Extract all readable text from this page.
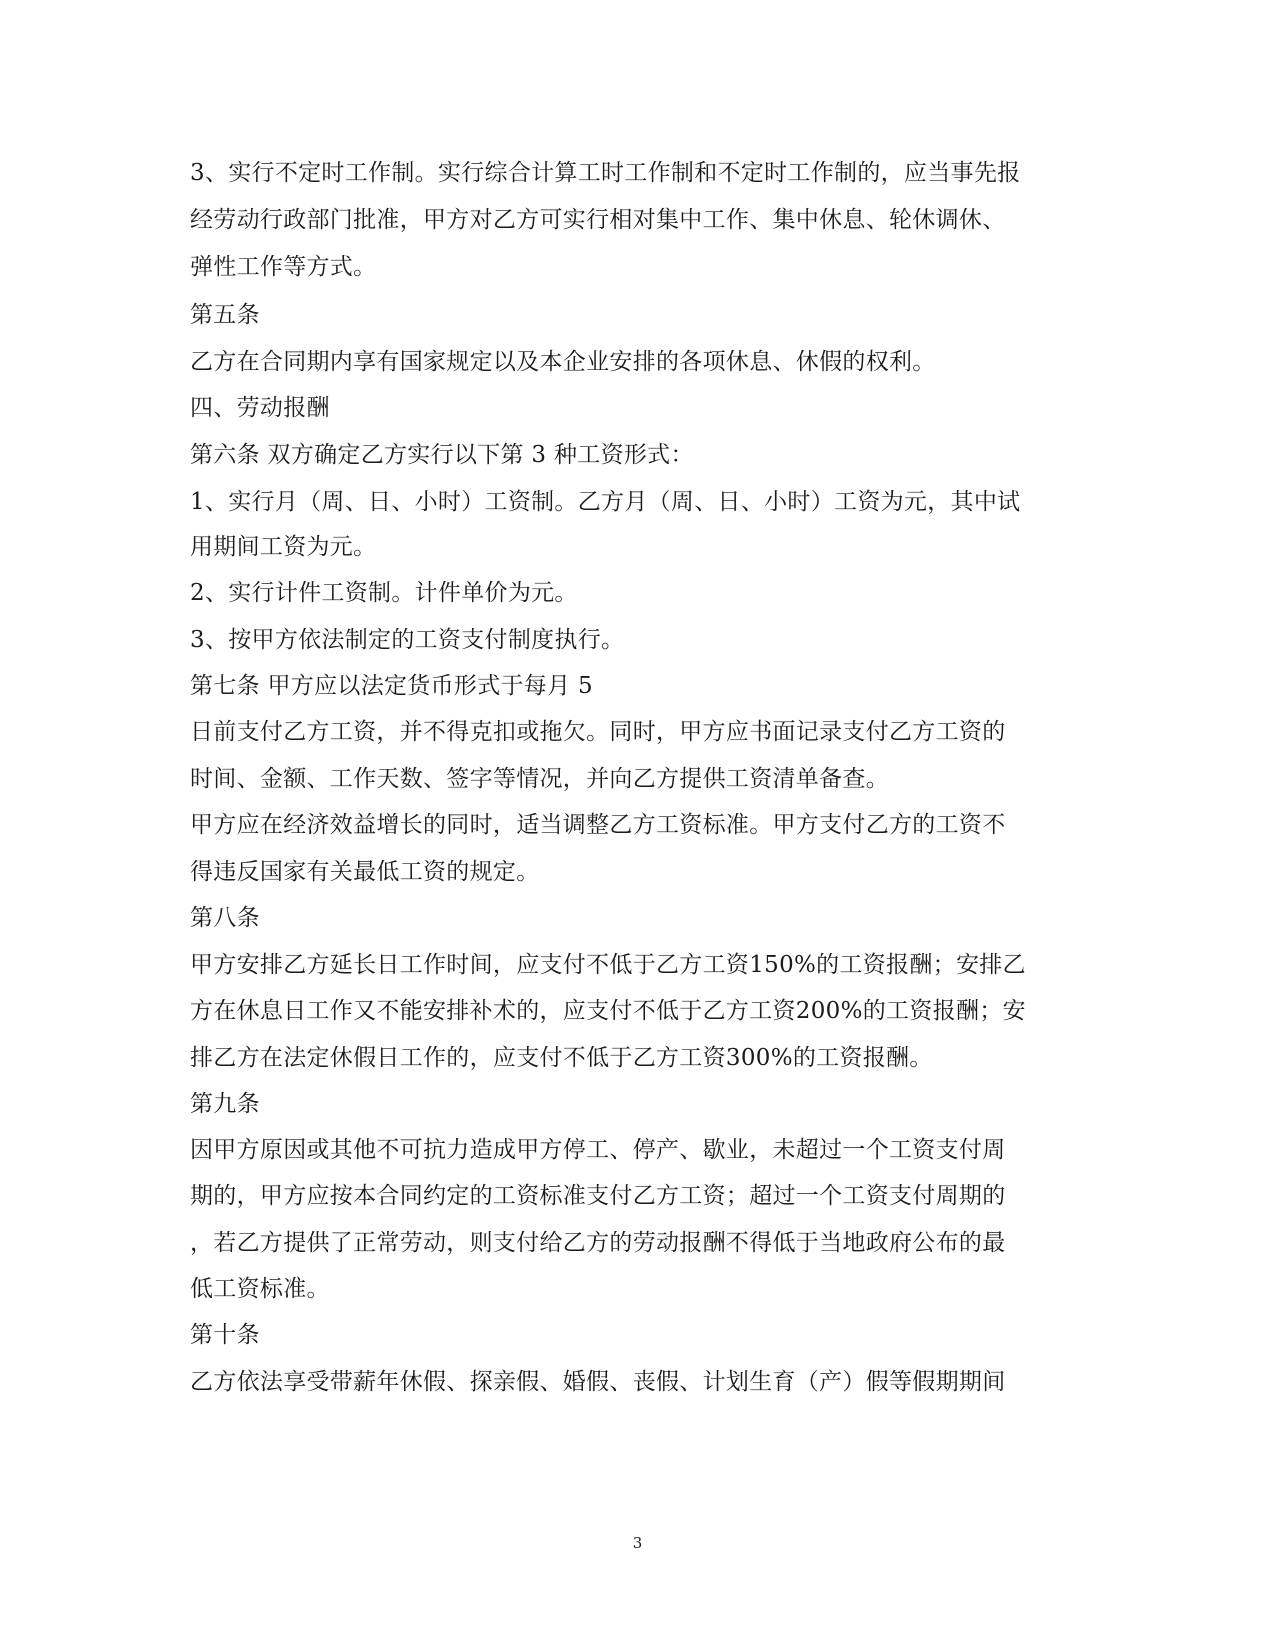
3、实行不定时工作制。实行综合计算工时工作制和不定时工作制的，应当事先报
经劳动行政部门批准，甲方对乙方可实行相对集中工作、集中休息、轮休调休、
弹性工作等方式。
第五条
乙方在合同期内享有国家规定以及本企业安排的各项休息、休假的权利。
四、劳动报酬
第六条 双方确定乙方实行以下第 3 种工资形式：
1、实行月（周、日、小时）工资制。乙方月（周、日、小时）工资为元，其中试
用期间工资为元。
2、实行计件工资制。计件单价为元。
3、按甲方依法制定的工资支付制度执行。
第七条 甲方应以法定货币形式于每月 5
日前支付乙方工资，并不得克扣或拖欠。同时，甲方应书面记录支付乙方工资的
时间、金额、工作天数、签字等情况，并向乙方提供工资清单备查。
甲方应在经济效益增长的同时，适当调整乙方工资标准。甲方支付乙方的工资不
得违反国家有关最低工资的规定。
第八条
甲方安排乙方延长日工作时间，应支付不低于乙方工资150%的工资报酬；安排乙
方在休息日工作又不能安排补术的，应支付不低于乙方工资200%的工资报酬；安
排乙方在法定休假日工作的，应支付不低于乙方工资300%的工资报酬。
第九条
因甲方原因或其他不可抗力造成甲方停工、停产、歇业，未超过一个工资支付周
期的，甲方应按本合同约定的工资标准支付乙方工资；超过一个工资支付周期的
，若乙方提供了正常劳动，则支付给乙方的劳动报酬不得低于当地政府公布的最
低工资标准。
第十条
乙方依法享受带薪年休假、探亲假、婚假、丧假、计划生育（产）假等假期期间
3
